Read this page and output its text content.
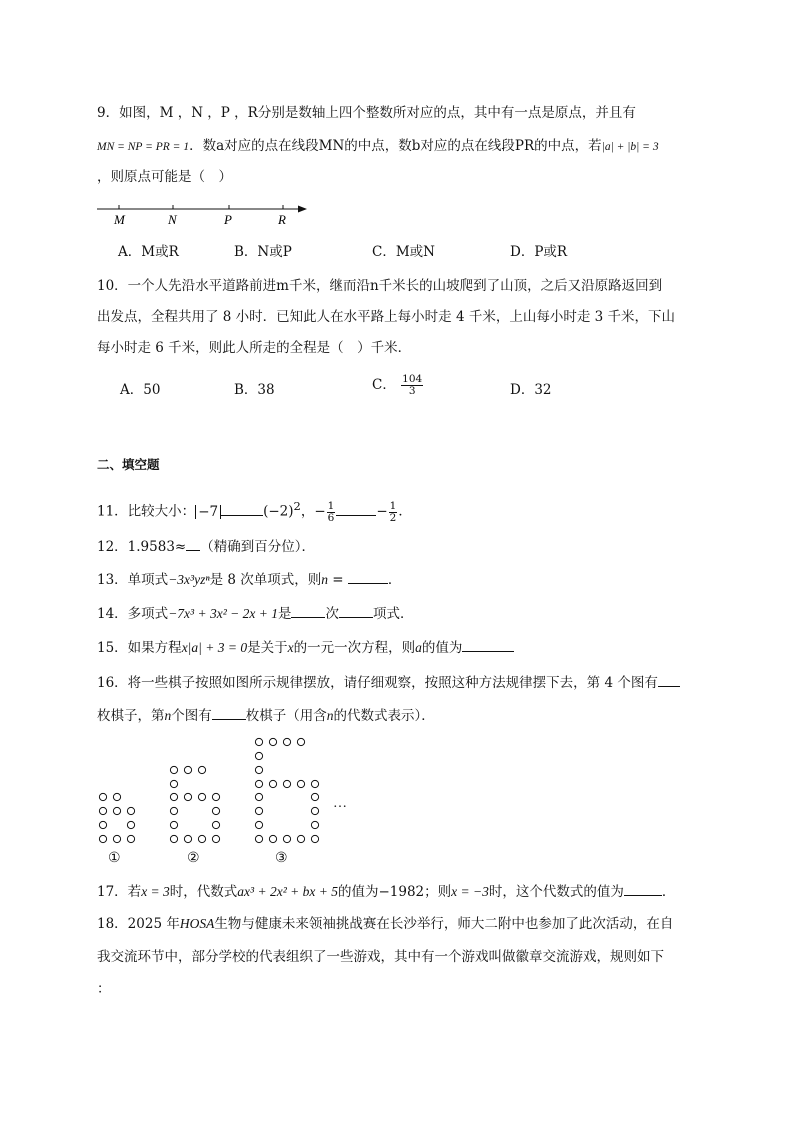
9．如图，M ，N ，P ，R分别是数轴上四个整数所对应的点，其中有一点是原点，并且有
MN = NP = PR = 1．数a对应的点在线段MN的中点，数b对应的点在线段PR的中点，若|a| + |b| = 3
，则原点可能是（　）
M	N	P	R
A．M或R	B．N或P	C．M或N	D．P或R
10．一个人先沿水平道路前进m千米，继而沿n千米长的山坡爬到了山顶，之后又沿原路返回到
出发点，全程共用了 8 小时．已知此人在水平路上每小时走 4 千米，上山每小时走 3 千米，下山
每小时走 6 千米，则此人所走的全程是（　）千米．
A．50	B．38	C． $\frac{104}{3}$	D．32
二、填空题
11．比较大小： −7	$(-2)^2$，− $\frac{1}{6}$	− $\frac{1}{2}$ ．
12．1.9583≈ （精确到百分位）．
13．单项式−3x³yzⁿ是 8 次单项式，则n =	．
14．多项式−7x³ + 3x² − 2x + 1是	次	项式．
15．如果方程x|a| + 3 = 0是关于x的一元一次方程，则a的值为
16．将一些棋子按照如图所示规律摆放，请仔细观察，按照这种方法规律摆下去，第 4 个图有
枚棋子，第n个图有	枚棋子（用含n的代数式表示）．
…
①	②	③
17．若x = 3时，代数式ax³ + 2x² + bx + 5的值为−1982；则x = −3时，这个代数式的值为	．
18．2025 年HOSA生物与健康未来领袖挑战赛在长沙举行，师大二附中也参加了此次活动，在自
我交流环节中，部分学校的代表组织了一些游戏，其中有一个游戏叫做徽章交流游戏，规则如下
：
